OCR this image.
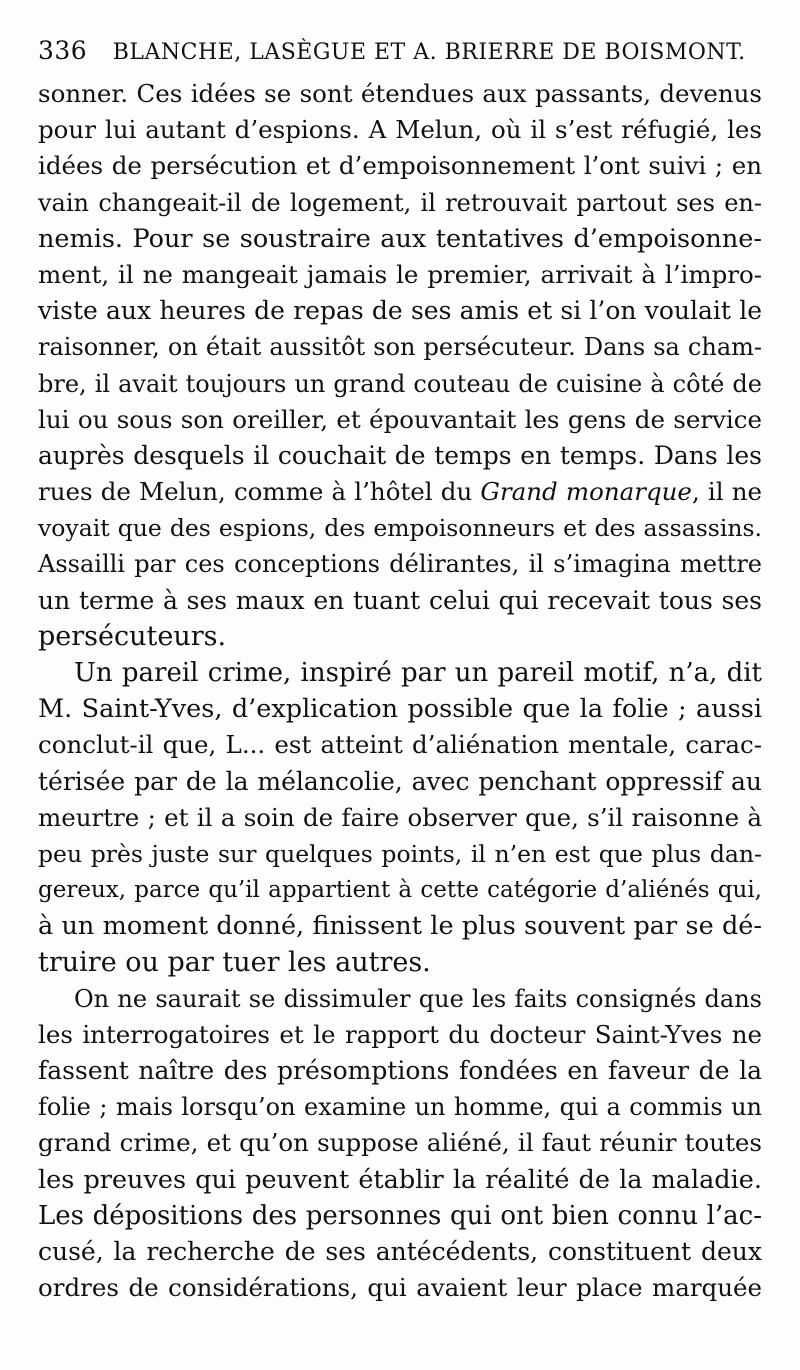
336 BLANCHE, LASÈGUE ET A. BRIERRE DE BOISMONT.
sonner. Ces idées se sont étendues aux passants, devenus
pour lui autant d’espions. A Melun, où il s’est réfugié, les
idées de persécution et d’empoisonnement l’ont suivi ; en
vain changeait-il de logement, il retrouvait partout ses en-
nemis. Pour se soustraire aux tentatives d’empoisonne-
ment, il ne mangeait jamais le premier, arrivait à l’impro-
viste aux heures de repas de ses amis et si l’on voulait le
raisonner, on était aussitôt son persécuteur. Dans sa cham-
bre, il avait toujours un grand couteau de cuisine à côté de
lui ou sous son oreiller, et épouvantait les gens de service
auprès desquels il couchait de temps en temps. Dans les
rues de Melun, comme à l’hôtel du Grand monarque, il ne
voyait que des espions, des empoisonneurs et des assassins.
Assailli par ces conceptions délirantes, il s’imagina mettre
un terme à ses maux en tuant celui qui recevait tous ses
persécuteurs.
Un pareil crime, inspiré par un pareil motif, n’a, dit
M. Saint-Yves, d’explication possible que la folie ; aussi
conclut-il que, L... est atteint d’aliénation mentale, carac-
térisée par de la mélancolie, avec penchant oppressif au
meurtre ; et il a soin de faire observer que, s’il raisonne à
peu près juste sur quelques points, il n’en est que plus dan-
gereux, parce qu’il appartient à cette catégorie d’aliénés qui,
à un moment donné, finissent le plus souvent par se dé-
truire ou par tuer les autres.
On ne saurait se dissimuler que les faits consignés dans
les interrogatoires et le rapport du docteur Saint-Yves ne
fassent naître des présomptions fondées en faveur de la
folie ; mais lorsqu’on examine un homme, qui a commis un
grand crime, et qu’on suppose aliéné, il faut réunir toutes
les preuves qui peuvent établir la réalité de la maladie.
Les dépositions des personnes qui ont bien connu l’ac-
cusé, la recherche de ses antécédents, constituent deux
ordres de considérations, qui avaient leur place marquée
